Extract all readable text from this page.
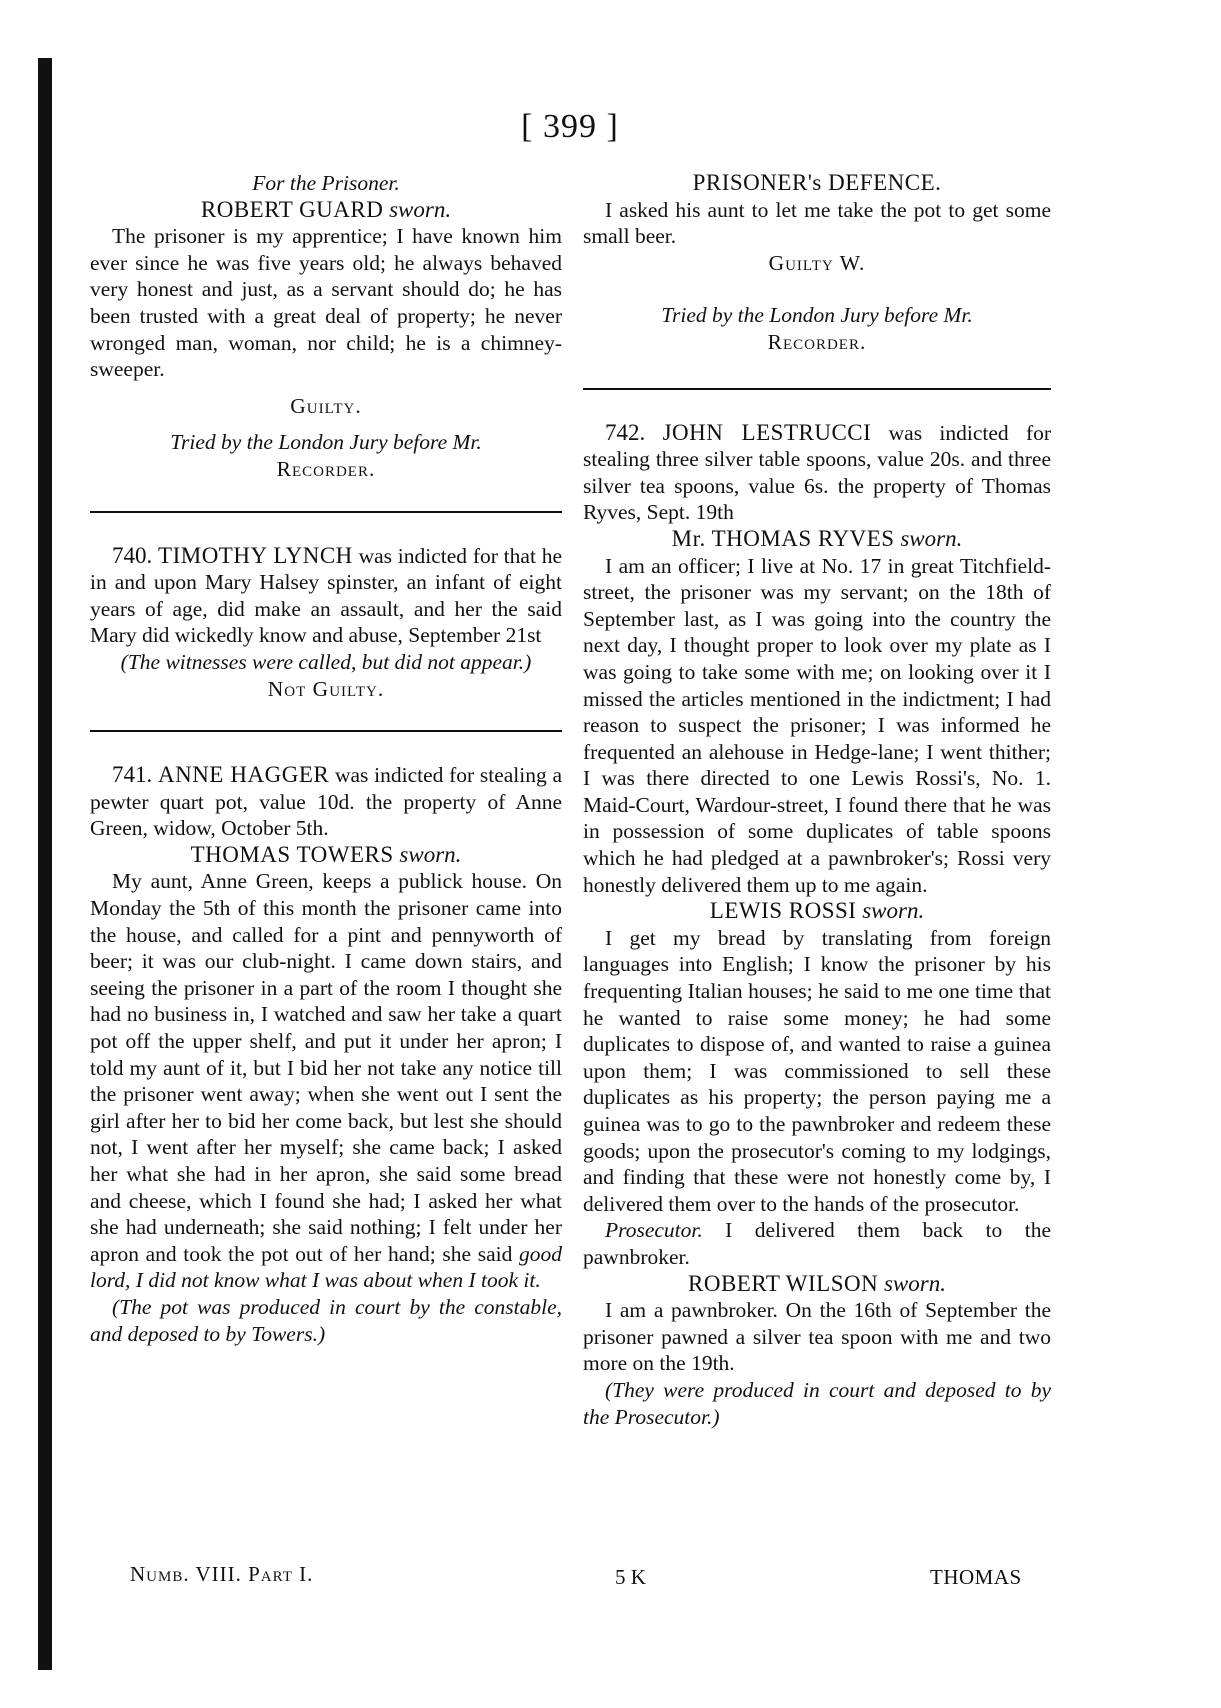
[ 399 ]
For the Prisoner.
ROBERT GUARD sworn.

The prisoner is my apprentice; I have known him ever since he was five years old; he always behaved very honest and just, as a servant should do; he has been trusted with a great deal of property; he never wronged man, woman, nor child; he is a chimney-sweeper.

Guilty.
Tried by the London Jury before Mr.
Recorder.

740. TIMOTHY LYNCH was indicted for that he in and upon Mary Halsey spinster, an infant of eight years of age, did make an assault, and her the said Mary did wickedly know and abuse, September 21st

(The witnesses were called, but did not appear.)
Not Guilty.

741. ANNE HAGGER was indicted for stealing a pewter quart pot, value 10d. the property of Anne Green, widow, October 5th.

THOMAS TOWERS sworn.

My aunt, Anne Green, keeps a publick house. On Monday the 5th of this month the prisoner came into the house, and called for a pint and pennyworth of beer; it was our club-night. I came down stairs, and seeing the prisoner in a part of the room I thought she had no business in, I watched and saw her take a quart pot off the upper shelf, and put it under her apron; I told my aunt of it, but I bid her not take any notice till the prisoner went away; when she went out I sent the girl after her to bid her come back, but lest she should not, I went after her myself; she came back; I asked her what she had in her apron, she said some bread and cheese, which I found she had; I asked her what she had underneath; she said nothing; I felt under her apron and took the pot out of her hand; she said good lord, I did not know what I was about when I took it.

(The pot was produced in court by the constable, and deposed to by Towers.)

Numb. VIII. Part I.
PRISONER's DEFENCE.

I asked his aunt to let me take the pot to get some small beer.

Guilty W.
Tried by the London Jury before Mr.
Recorder.

742. JOHN LESTRUCCI was indicted for stealing three silver table spoons, value 20s. and three silver tea spoons, value 6s. the property of Thomas Ryves, Sept. 19th

Mr. THOMAS RYVES sworn.

I am an officer; I live at No. 17 in great Titchfield-street, the prisoner was my servant; on the 18th of September last, as I was going into the country the next day, I thought proper to look over my plate as I was going to take some with me; on looking over it I missed the articles mentioned in the indictment; I had reason to suspect the prisoner; I was informed he frequented an alehouse in Hedge-lane; I went thither; I was there directed to one Lewis Rossi's, No. 1. Maid-Court, Wardour-street, I found there that he was in possession of some duplicates of table spoons which he had pledged at a pawnbroker's; Rossi very honestly delivered them up to me again.

LEWIS ROSSI sworn.

I get my bread by translating from foreign languages into English; I know the prisoner by his frequenting Italian houses; he said to me one time that he wanted to raise some money; he had some duplicates to dispose of, and wanted to raise a guinea upon them; I was commissioned to sell these duplicates as his property; the person paying me a guinea was to go to the pawnbroker and redeem these goods; upon the prosecutor's coming to my lodgings, and finding that these were not honestly come by, I delivered them over to the hands of the prosecutor.

Prosecutor. I delivered them back to the pawnbroker.

ROBERT WILSON sworn.

I am a pawnbroker. On the 16th of September the prisoner pawned a silver tea spoon with me and two more on the 19th.

(They were produced in court and deposed to by the Prosecutor.)

5 K	THOMAS
